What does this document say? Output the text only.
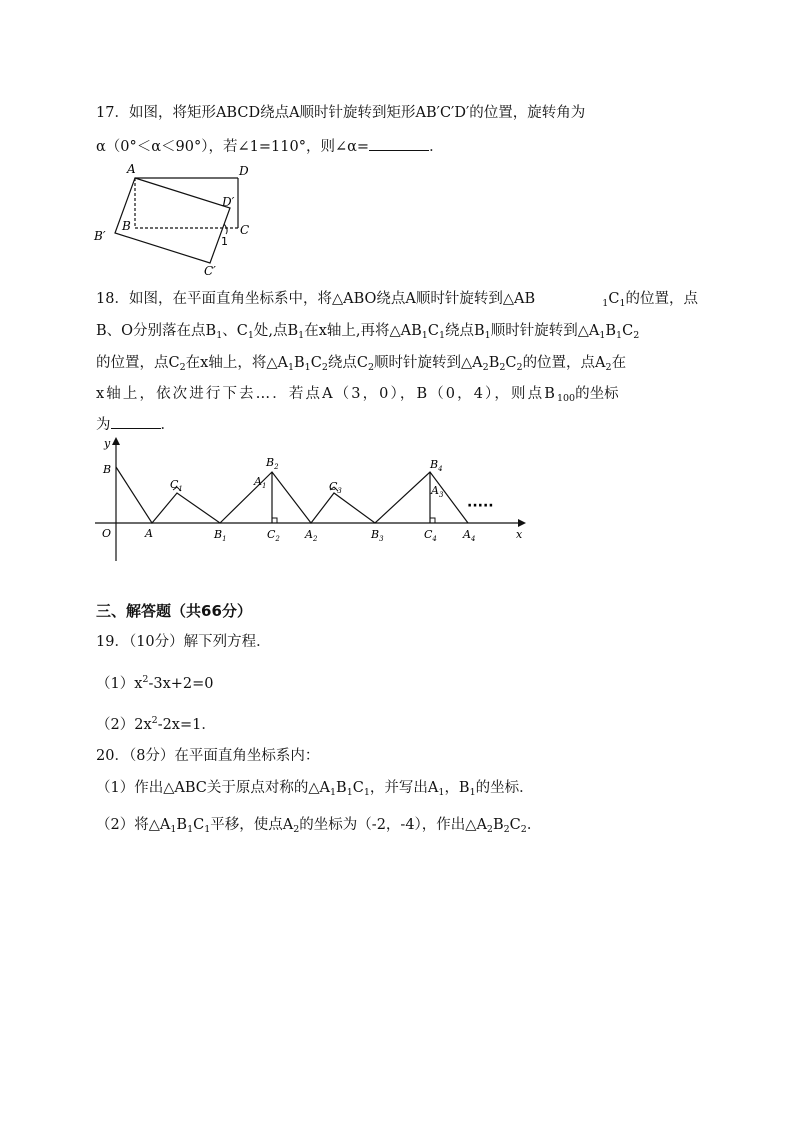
17．如图，将矩形ABCD绕点A顺时针旋转到矩形AB′C′D′的位置，旋转角为
α（0°＜α＜90°），若∠1=110°，则∠α=	．
A	D
D′
B
B′	C
1
C′
18．如图，在平面直角坐标系中，将△ABO绕点A顺时针旋转到△AB	$_1C_1$的位置，点
B、O分别落在点$B_1$、$C_1$处,点$B_1$在x轴上,再将$\triangle AB_1C_1$绕点$B_1$顺时针旋转到$\triangle A_1B_1C_2$
的位置，点$C_2$在x轴上，将$\triangle A_1B_1C_2$绕点$C_2$顺时针旋转到$\triangle A_2B_2C_2$的位置，点$A_2$在
x轴上，依次进行下去…．若点A（3，0），B（0，4），则点$B_{100}$的坐标
为	．
y
x
O
B
A
$C_1$
$B_1$
$A_1$
$B_2$
$C_2$ $A_2$
$C_3$
$B_3$
$B_4$
$A_3$
$C_4$ $A_4$
·····
三、解答题（共66分）
19．（10分）解下列方程．
$(1)x^2-3x+2=0$
$(2)2x^2-2x=1$．
20．（8分）在平面直角坐标系内：
（1）作出△ABC关于原点对称的$\triangle A_1B_1C_1$，并写出$A_1$，$B_1$的坐标．
（2）将$\triangle A_1B_1C_1$平移，使点$A_2$的坐标为（-2，-4），作出$\triangle A_2B_2C_2$．
